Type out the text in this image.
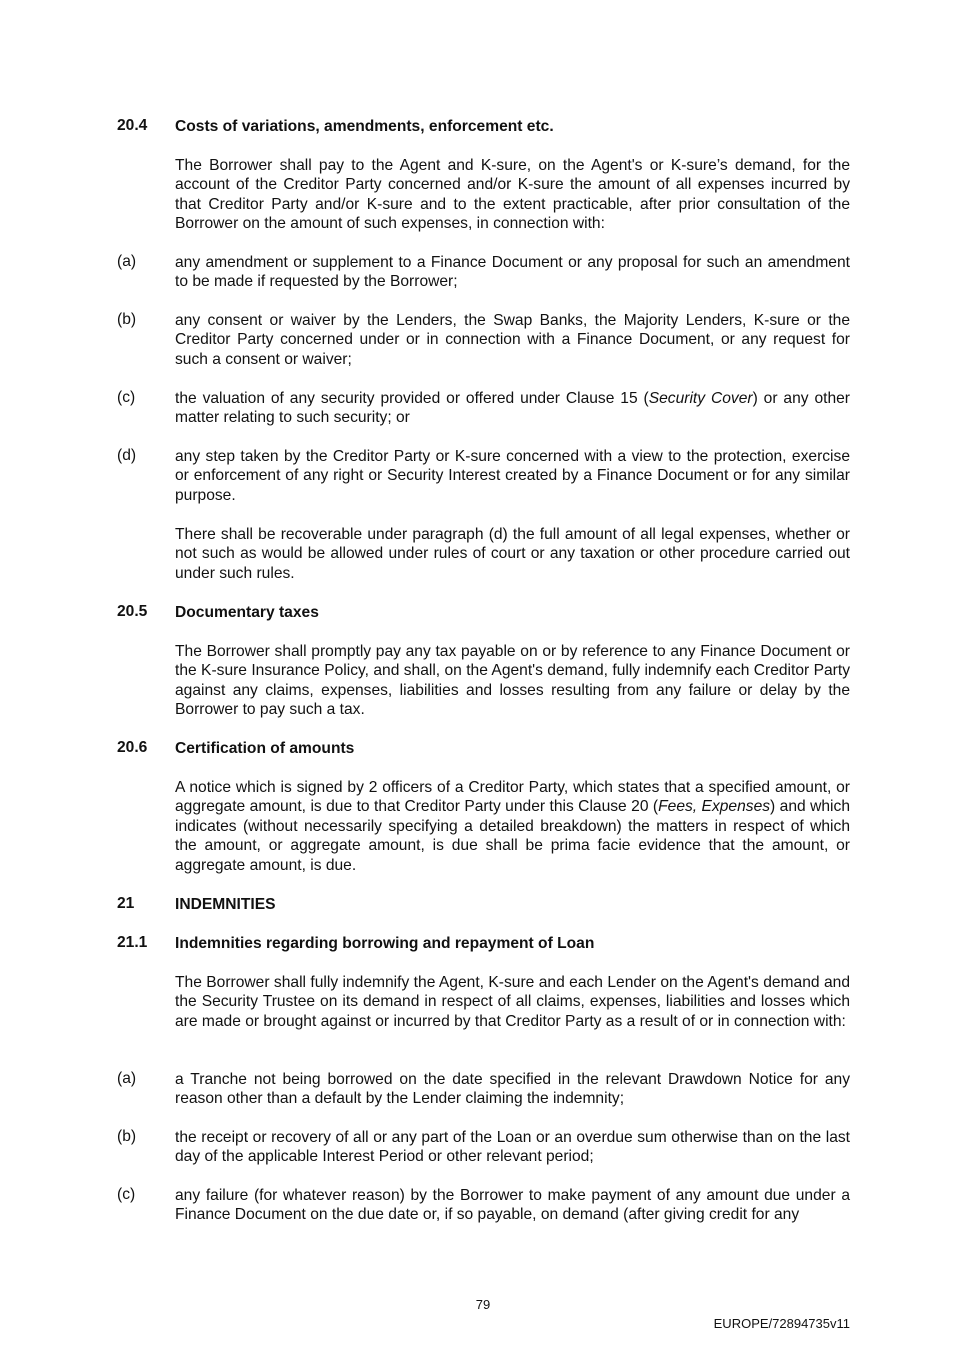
20.4	Costs of variations, amendments, enforcement etc.
The Borrower shall pay to the Agent and K-sure, on the Agent's or K-sure’s demand, for the account of the Creditor Party concerned and/or K-sure the amount of all expenses incurred by that Creditor Party and/or K-sure and to the extent practicable, after prior consultation of the Borrower on the amount of such expenses, in connection with:
(a)	any amendment or supplement to a Finance Document or any proposal for such an amendment to be made if requested by the Borrower;
(b)	any consent or waiver by the Lenders, the Swap Banks, the Majority Lenders, K-sure or the Creditor Party concerned under or in connection with a Finance Document, or any request for such a consent or waiver;
(c)	the valuation of any security provided or offered under Clause 15 (Security Cover) or any other matter relating to such security; or
(d)	any step taken by the Creditor Party or K-sure concerned with a view to the protection, exercise or enforcement of any right or Security Interest created by a Finance Document or for any similar purpose.
There shall be recoverable under paragraph (d) the full amount of all legal expenses, whether or not such as would be allowed under rules of court or any taxation or other procedure carried out under such rules.
20.5	Documentary taxes
The Borrower shall promptly pay any tax payable on or by reference to any Finance Document or the K-sure Insurance Policy, and shall, on the Agent's demand, fully indemnify each Creditor Party against any claims, expenses, liabilities and losses resulting from any failure or delay by the Borrower to pay such a tax.
20.6	Certification of amounts
A notice which is signed by 2 officers of a Creditor Party, which states that a specified amount, or aggregate amount, is due to that Creditor Party under this Clause 20 (Fees, Expenses) and which indicates (without necessarily specifying a detailed breakdown) the matters in respect of which the amount, or aggregate amount, is due shall be prima facie evidence that the amount, or aggregate amount, is due.
21	INDEMNITIES
21.1	Indemnities regarding borrowing and repayment of Loan
The Borrower shall fully indemnify the Agent, K-sure and each Lender on the Agent's demand and the Security Trustee on its demand in respect of all claims, expenses, liabilities and losses which are made or brought against or incurred by that Creditor Party as a result of or in connection with:
(a)	a Tranche not being borrowed on the date specified in the relevant Drawdown Notice for any reason other than a default by the Lender claiming the indemnity;
(b)	the receipt or recovery of all or any part of the Loan or an overdue sum otherwise than on the last day of the applicable Interest Period or other relevant period;
(c)	any failure (for whatever reason) by the Borrower to make payment of any amount due under a Finance Document on the due date or, if so payable, on demand (after giving credit for any
79
EUROPE/72894735v11
